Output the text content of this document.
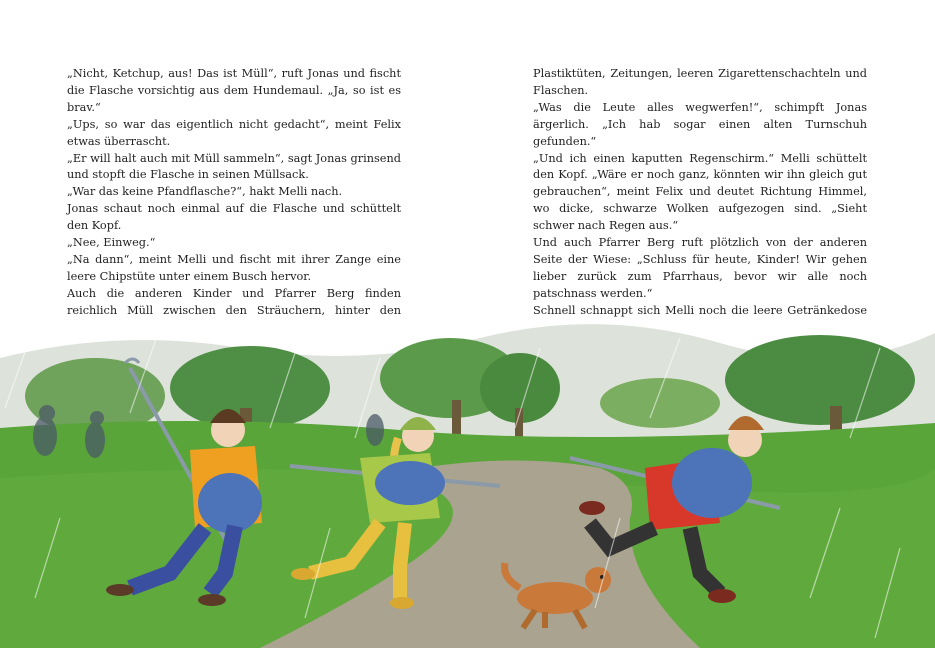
„Nicht, Ketchup, aus! Das ist Müll“, ruft Jonas und fischt die Flasche vorsichtig aus dem Hundemaul. „Ja, so ist es brav.“

„Ups, so war das eigentlich nicht gedacht“, meint Felix etwas überrascht.

„Er will halt auch mit Müll sammeln“, sagt Jonas grinsend und stopft die Flasche in seinen Müllsack.

„War das keine Pfandflasche?“, hakt Melli nach.

Jonas schaut noch einmal auf die Flasche und schüttelt den Kopf.

„Nee, Einweg.“

„Na dann“, meint Melli und fischt mit ihrer Zange eine leere Chipstüte unter einem Busch hervor.

Auch die anderen Kinder und Pfarrer Berg finden reichlich Müll zwischen den Sträuchern, hinter den

Plastiktüten, Zeitungen, leeren Zigarettenschachteln und Flaschen.

„Was die Leute alles wegwerfen!“, schimpft Jonas ärgerlich. „Ich hab sogar einen alten Turnschuh gefunden.“

„Und ich einen kaputten Regenschirm.“ Melli schüttelt den Kopf. „Wäre er noch ganz, könnten wir ihn gleich gut gebrauchen“, meint Felix und deutet Richtung Himmel, wo dicke, schwarze Wolken aufgezogen sind. „Sieht schwer nach Regen aus.“

Und auch Pfarrer Berg ruft plötzlich von der anderen Seite der Wiese: „Schluss für heute, Kinder! Wir gehen lieber zurück zum Pfarrhaus, bevor wir alle noch patschnass werden.“

Schnell schnappt sich Melli noch die leere Getränkedose
